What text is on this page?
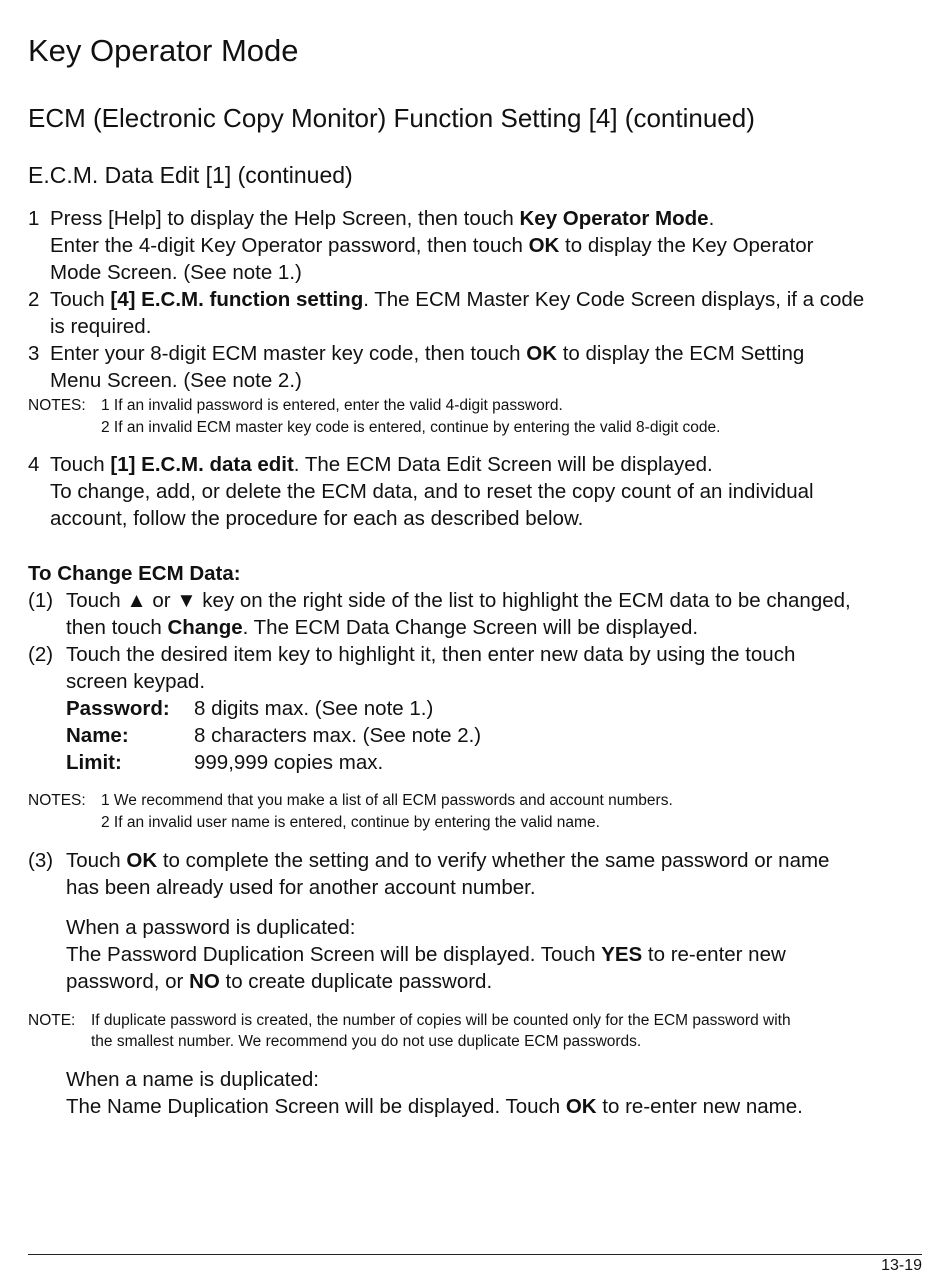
Key Operator Mode
ECM (Electronic Copy Monitor) Function Setting [4] (continued)
E.C.M. Data Edit [1] (continued)
1 Press [Help] to display the Help Screen, then touch Key Operator Mode.
Enter the 4-digit Key Operator password, then touch OK to display the Key Operator
Mode Screen. (See note 1.)
2 Touch [4] E.C.M. function setting. The ECM Master Key Code Screen displays, if a code
is required.
3 Enter your 8-digit ECM master key code, then touch OK to display the ECM Setting
Menu Screen. (See note 2.)
NOTES: 1 If an invalid password is entered, enter the valid 4-digit password.
2 If an invalid ECM master key code is entered, continue by entering the valid 8-digit code.
4 Touch [1] E.C.M. data edit. The ECM Data Edit Screen will be displayed.
To change, add, or delete the ECM data, and to reset the copy count of an individual
account, follow the procedure for each as described below.
To Change ECM Data:
(1) Touch ▲ or ▼ key on the right side of the list to highlight the ECM data to be changed,
then touch Change. The ECM Data Change Screen will be displayed.
(2) Touch the desired item key to highlight it, then enter new data by using the touch
screen keypad.
Password: 8 digits max. (See note 1.)
Name:	8 characters max. (See note 2.)
Limit:	999,999 copies max.
NOTES: 1 We recommend that you make a list of all ECM passwords and account numbers.
2 If an invalid user name is entered, continue by entering the valid name.
(3) Touch OK to complete the setting and to verify whether the same password or name
has been already used for another account number.
When a password is duplicated:
The Password Duplication Screen will be displayed. Touch YES to re-enter new
password, or NO to create duplicate password.
NOTE: If duplicate password is created, the number of copies will be counted only for the ECM password with
the smallest number. We recommend you do not use duplicate ECM passwords.
When a name is duplicated:
The Name Duplication Screen will be displayed. Touch OK to re-enter new name.
13-19
